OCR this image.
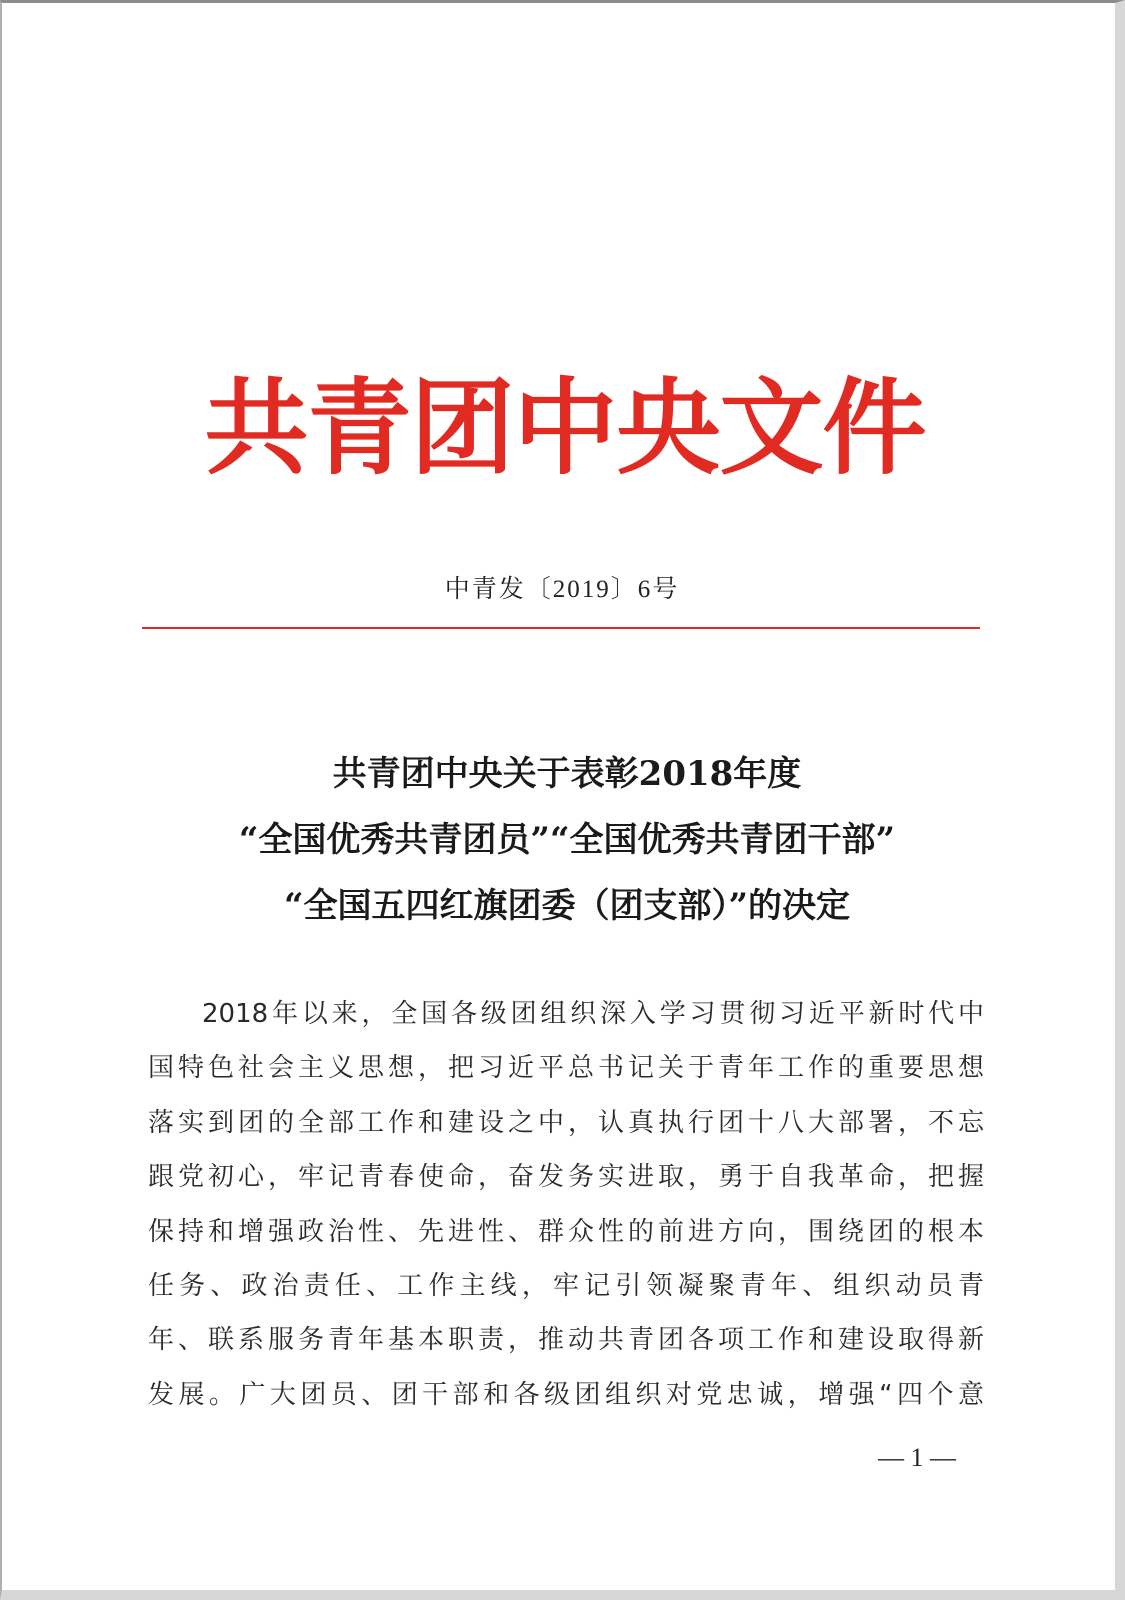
共青团中央文件
中青发〔2019〕6号
共青团中央关于表彰2018年度
“全国优秀共青团员”“全国优秀共青团干部”
“全国五四红旗团委（团支部）”的决定
2018年以来，全国各级团组织深入学习贯彻习近平新时代中
国特色社会主义思想，把习近平总书记关于青年工作的重要思想
落实到团的全部工作和建设之中，认真执行团十八大部署，不忘
跟党初心，牢记青春使命，奋发务实进取，勇于自我革命，把握
保持和增强政治性、先进性、群众性的前进方向，围绕团的根本
任务、政治责任、工作主线，牢记引领凝聚青年、组织动员青
年、联系服务青年基本职责，推动共青团各项工作和建设取得新
发展。广大团员、团干部和各级团组织对党忠诚，增强“四个意
— 1 —
